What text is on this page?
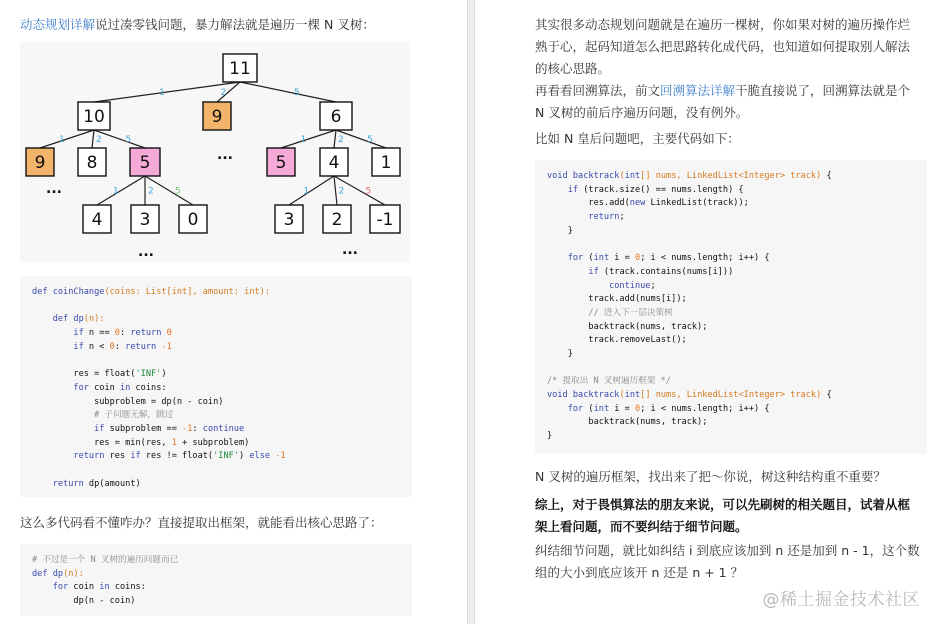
动态规划详解说过凑零钱问题，暴力解法就是遍历一棵 N 叉树：
1	2	5
1	2	5	1	2	5
1	2 5	1	2 5
11
10	9	6
9 8 5	5 4 1
4 3 0	3 2 -1
...
...
...	...
def coinChange(coins: List[int], amount: int):
def dp(n):
if n == 0: return 0
if n < 0: return -1
res = float('INF')
for coin in coins:
subproblem = dp(n - coin)
# 子问题无解，跳过
if subproblem == -1: continue
res = min(res, 1 + subproblem)
return res if res != float('INF') else -1
return dp(amount)
这么多代码看不懂咋办？直接提取出框架，就能看出核心思路了：
# 不过是一个 N 叉树的遍历问题而已
def dp(n):
for coin in coins:
dp(n - coin)
其实很多动态规划问题就是在遍历一棵树，你如果对树的遍历操作烂熟于心，起码知道怎么把思路转化成代码，也知道如何提取别人解法的核心思路。
再看看回溯算法，前文回溯算法详解干脆直接说了，回溯算法就是个 N 叉树的前后序遍历问题，没有例外。
比如 N 皇后问题吧，主要代码如下：
void backtrack(int[] nums, LinkedList<Integer> track) {
if (track.size() == nums.length) {
res.add(new LinkedList(track));
return;
}
for (int i = 0; i < nums.length; i++) {
if (track.contains(nums[i]))
continue;
track.add(nums[i]);
// 进入下一层决策树
backtrack(nums, track);
track.removeLast();
}
/* 提取出 N 叉树遍历框架 */
void backtrack(int[] nums, LinkedList<Integer> track) {
for (int i = 0; i < nums.length; i++) {
backtrack(nums, track);
}
N 叉树的遍历框架，找出来了把～你说，树这种结构重不重要？
综上，对于畏惧算法的朋友来说，可以先刷树的相关题目，试着从框架上看问题，而不要纠结于细节问题。
纠结细节问题，就比如纠结 i 到底应该加到 n 还是加到 n - 1，这个数组的大小到底应该开 n 还是 n + 1 ？
@稀土掘金技术社区
